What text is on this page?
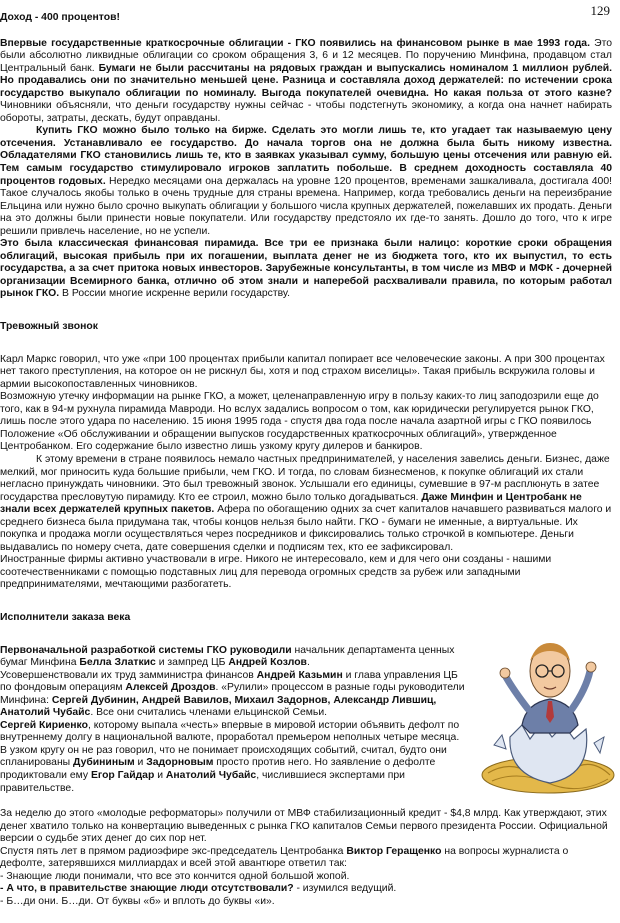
129

Доход - 400 процентов!

Впервые государственные краткосрочные облигации - ГКО появились на финансовом рынке в мае 1993 года. Это были абсолютно ликвидные облигации со сроком обращения 3, 6 и 12 месяцев. По поручению Минфина, продавцом стал Центральный банк. Бумаги не были рассчитаны на рядовых граждан и выпускались номиналом 1 миллион рублей. Но продавались они по значительно меньшей цене. Разница и составляла доход держателей: по истечении срока государство выкупало облигации по номиналу. Выгода покупателей очевидна. Но какая польза от этого казне? Чиновники объясняли, что деньги государству нужны сейчас - чтобы подстегнуть экономику, а когда она начнет набирать обороты, затраты, дескать, будут оправданы.

Купить ГКО можно было только на бирже. Сделать это могли лишь те, кто угадает так называемую цену отсечения. Устанавливало ее государство. До начала торгов она не должна была быть никому известна. Обладателями ГКО становились лишь те, кто в заявках указывал сумму, большую цены отсечения или равную ей. Тем самым государство стимулировало игроков заплатить побольше. В среднем доходность составляла 40 процентов годовых. Нередко месяцами она держалась на уровне 120 процентов, временами зашкаливала, достигала 400! Такое случалось якобы только в очень трудные для страны времена. Например, когда требовались деньги на переизбрание Ельцина или нужно было срочно выкупать облигации у большого числа крупных держателей, пожелавших их продать. Деньги на это должны были принести новые покупатели. Или государству предстояло их где-то занять. Дошло до того, что к игре решили привлечь население, но не успели.

Это была классическая финансовая пирамида. Все три ее признака были налицо: короткие сроки обращения облигаций, высокая прибыль при их погашении, выплата денег не из бюджета того, кто их выпустил, то есть государства, а за счет притока новых инвесторов. Зарубежные консультанты, в том числе из МВФ и МФК - дочерней организации Всемирного банка, отлично об этом знали и наперебой расхваливали правила, по которым работал рынок ГКО. В России многие искренне верили государству.

Тревожный звонок

Карл Маркс говорил, что уже «при 100 процентах прибыли капитал попирает все человеческие законы. А при 300 процентах нет такого преступления, на которое он не рискнул бы, хотя и под страхом виселицы». Такая прибыль вскружила головы и армии высокопоставленных чиновников.

Возможную утечку информации на рынке ГКО, а может, целенаправленную игру в пользу каких-то лиц заподозрили еще до того, как в 94-м рухнула пирамида Мавроди. Но вслух задались вопросом о том, как юридически регулируется рынок ГКО, лишь после этого удара по населению. 15 июня 1995 года - спустя два года после начала азартной игры с ГКО появилось Положение «Об обслуживании и обращении выпусков государственных краткосрочных облигаций», утвержденное Центробанком. Его содержание было известно лишь узкому кругу дилеров и банкиров.

К этому времени в стране появилось немало частных предпринимателей, у населения завелись деньги. Бизнес, даже мелкий, мог приносить куда большие прибыли, чем ГКО. И тогда, по словам бизнесменов, к покупке облигаций их стали негласно принуждать чиновники. Это был тревожный звонок. Услышали его единицы, сумевшие в 97-м расплюнуть в затее государства пресловутую пирамиду. Кто ее строил, можно было только догадываться. Даже Минфин и Центробанк не знали всех держателей крупных пакетов. Афера по обогащению одних за счет капиталов начавшего развиваться малого и среднего бизнеса была придумана так, чтобы концов нельзя было найти. ГКО - бумаги не именные, а виртуальные. Их покупка и продажа могли осуществляться через посредников и фиксировались только строчкой в компьютере. Деньги выдавались по номеру счета, дате совершения сделки и подписям тех, кто ее зафиксировал.

Иностранные фирмы активно участвовали в игре. Никого не интересовало, кем и для чего они созданы - нашими соотечественниками с помощью подставных лиц для перевода огромных средств за рубеж или западными предпринимателями, мечтающими разбогатеть.

Исполнители заказа века

Первоначальной разработкой системы ГКО руководили начальник департамента ценных бумаг Минфина Белла Златкис и зампред ЦБ Андрей Козлов.

Усовершенствовали их труд замминистра финансов Андрей Казьмин и глава управления ЦБ по фондовым операциям Алексей Дроздов. «Рулили» процессом в разные годы руководители Минфина: Сергей Дубинин, Андрей Вавилов, Михаил Задорнов, Александр Лившиц, Анатолий Чубайс. Все они считались членами ельцинской Семьи.

Сергей Кириенко, которому выпала «честь» впервые в мировой истории объявить дефолт по внутреннему долгу в национальной валюте, проработал премьером неполных четыре месяца. В узком кругу он не раз говорил, что не понимает происходящих событий, считал, будто они спланированы Дубининым и Задорновым просто против него. Но заявление о дефолте продиктовали ему Егор Гайдар и Анатолий Чубайс, числившиеся экспертами при правительстве.

За неделю до этого «молодые реформаторы» получили от МВФ стабилизационный кредит - $4,8 млрд. Как утверждают, этих денег хватило только на конвертацию выведенных с рынка ГКО капиталов Семьи первого президента России. Официальной версии о судьбе этих денег до сих пор нет.

Спустя пять лет в прямом радиоэфире экс-председатель Центробанка Виктор Геращенко на вопросы журналиста о дефолте, затерявшихся миллиардах и всей этой авантюре ответил так:

- Знающие люди понимали, что все это кончится одной большой жопой.

- А что, в правительстве знающие люди отсутствовали? - изумился ведущий.

- Б…ди они. Б…ди. От буквы «б» и вплоть до буквы «и».
